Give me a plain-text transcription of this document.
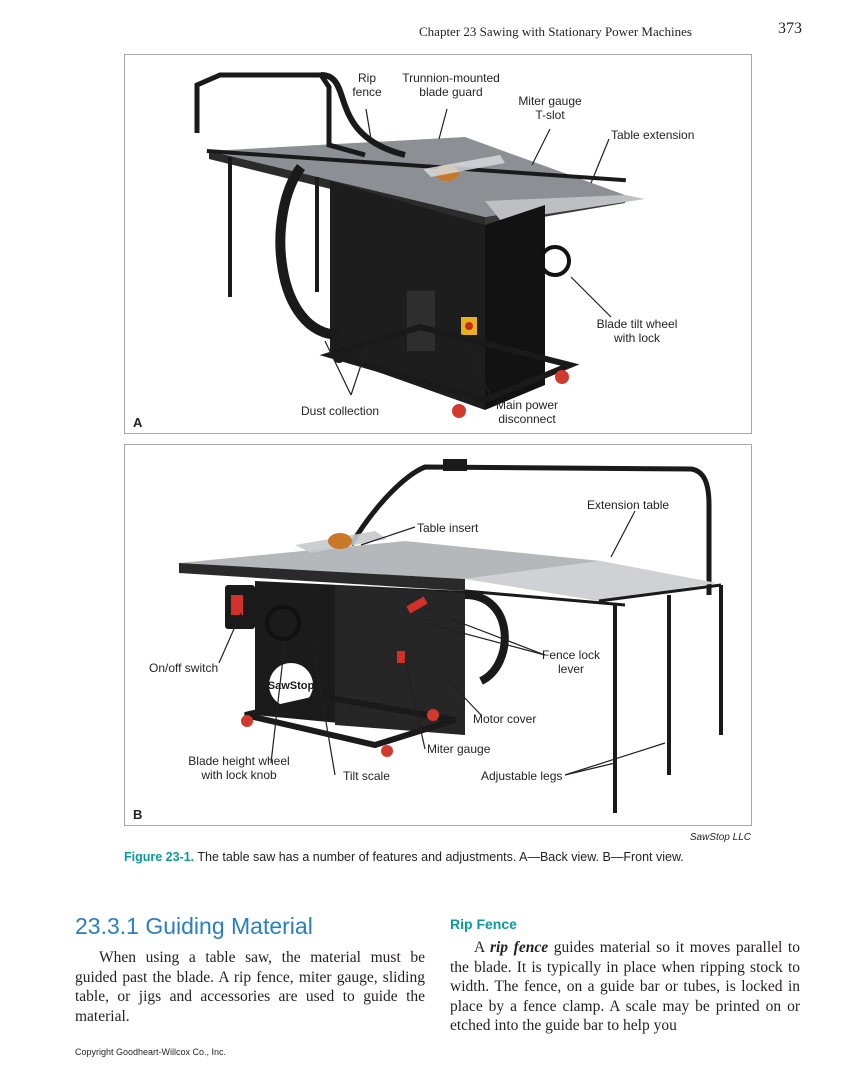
Chapter 23 Sawing with Stationary Power Machines	373
Rip
fence
Trunnion-mounted
blade guard
Miter gauge
T-slot
Table extension
Blade tilt wheel
with lock
Dust collection	Main power
disconnect
A
SawStop
Extension table
Table insert
On/off switch
Fence lock
lever
Motor cover
Miter gauge
Blade height wheel
with lock knob	Tilt scale	Adjustable legs
B
SawStop LLC
Figure 23-1. The table saw has a number of features and adjustments. A—Back view. B—Front view.
23.3.1 Guiding Material

When using a table saw, the material must be guided past the blade. A rip fence, miter gauge, sliding table, or jigs and accessories are used to guide the material.

Rip Fence

A rip fence guides material so it moves parallel to the blade. It is typically in place when ripping stock to width. The fence, on a guide bar or tubes, is locked in place by a fence clamp. A scale may be printed on or etched into the guide bar to help you

Copyright Goodheart-Willcox Co., Inc.
